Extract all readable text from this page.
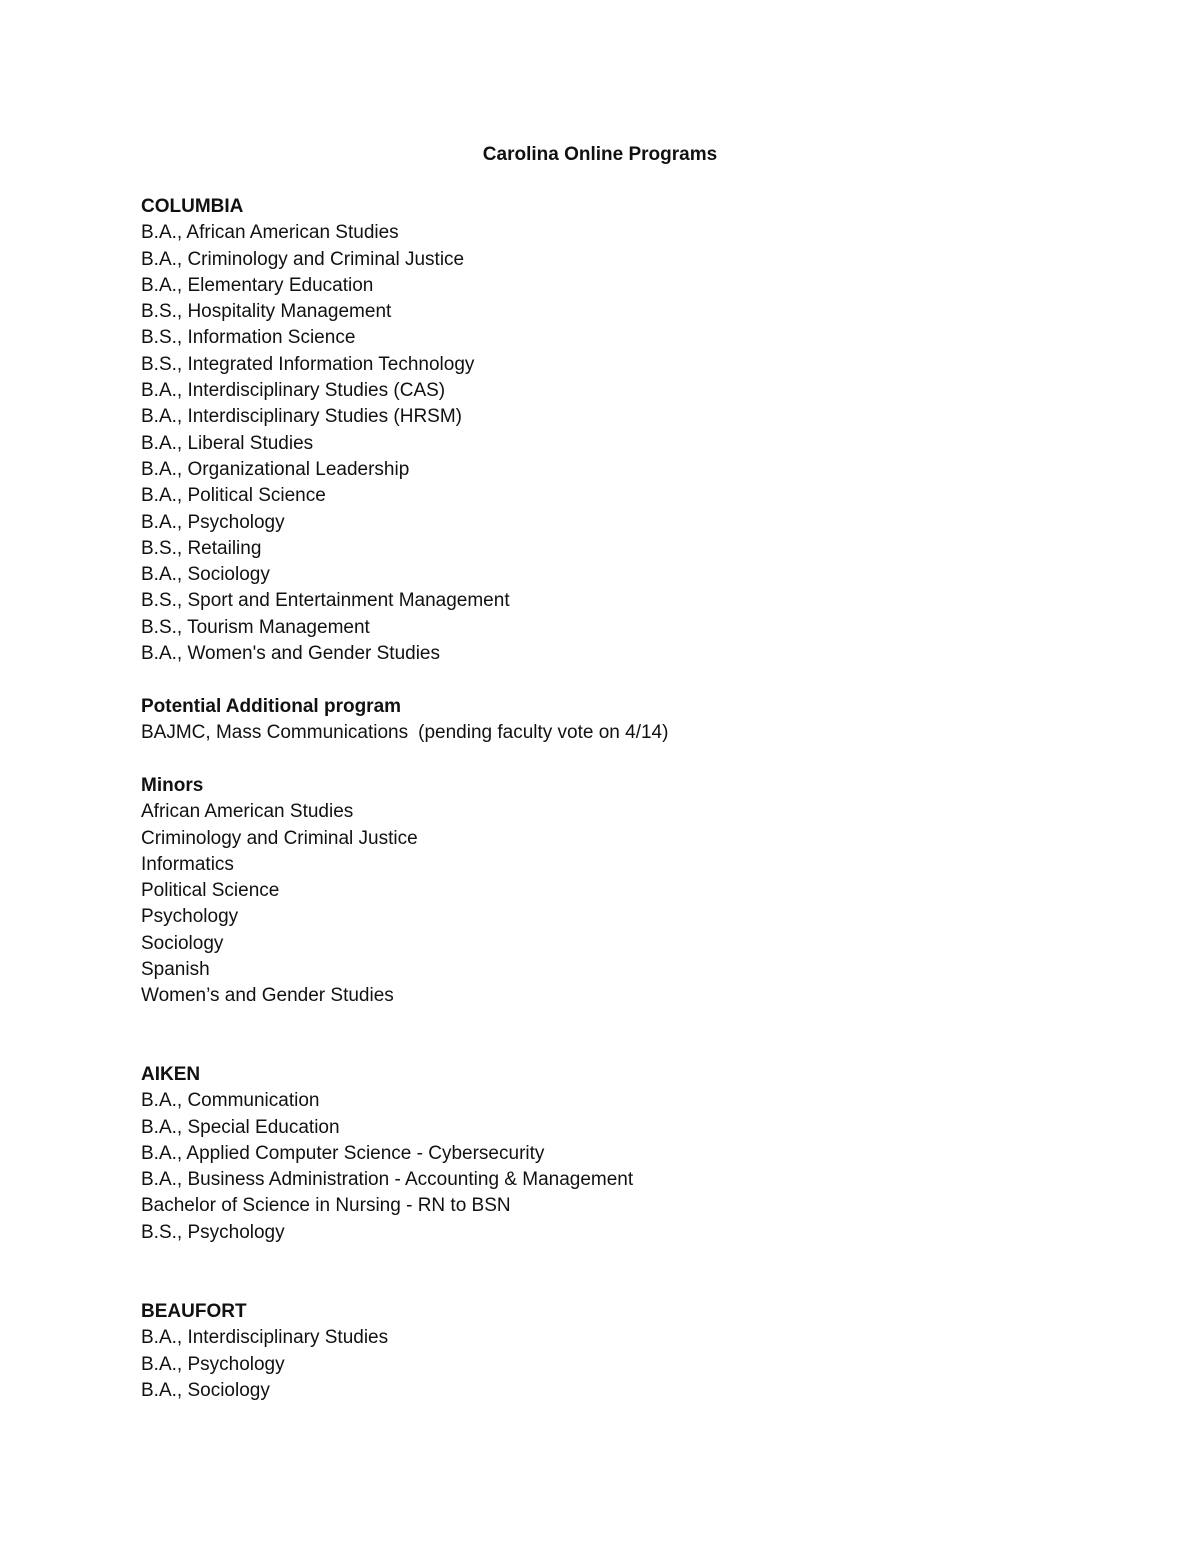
Carolina Online Programs
COLUMBIA
B.A., African American Studies
B.A., Criminology and Criminal Justice
B.A., Elementary Education
B.S., Hospitality Management
B.S., Information Science
B.S., Integrated Information Technology
B.A., Interdisciplinary Studies (CAS)
B.A., Interdisciplinary Studies (HRSM)
B.A., Liberal Studies
B.A., Organizational Leadership
B.A., Political Science
B.A., Psychology
B.S., Retailing
B.A., Sociology
B.S., Sport and Entertainment Management
B.S., Tourism Management
B.A., Women's and Gender Studies
Potential Additional program
BAJMC, Mass Communications (pending faculty vote on 4/14)
Minors
African American Studies
Criminology and Criminal Justice
Informatics
Political Science
Psychology
Sociology
Spanish
Women’s and Gender Studies
AIKEN
B.A., Communication
B.A., Special Education
B.A., Applied Computer Science - Cybersecurity
B.A., Business Administration - Accounting & Management
Bachelor of Science in Nursing - RN to BSN
B.S., Psychology
BEAUFORT
B.A., Interdisciplinary Studies
B.A., Psychology
B.A., Sociology
